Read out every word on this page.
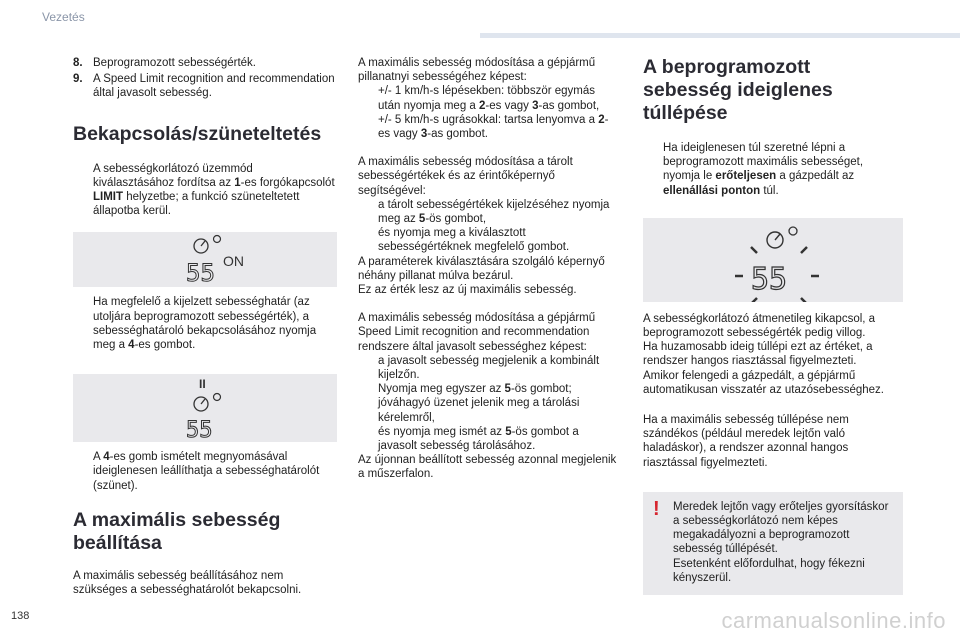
Vezetés
8. Beprogramozott sebességérték.
9. A Speed Limit recognition and recommendation által javasolt sebesség.
Bekapcsolás/szüneteltetés
A sebességkorlátozó üzemmód kiválasztásához fordítsa az 1-es forgókapcsolót LIMIT helyzetbe; a funkció szüneteltetett állapotba kerül.
55 ON
Ha megfelelő a kijelzett sebességhatár (az utoljára beprogramozott sebességérték), a sebességhatároló bekapcsolásához nyomja meg a 4-es gombot.
II
55
A 4-es gomb ismételt megnyomásával ideiglenesen leállíthatja a sebességhatárolót (szünet).
A maximális sebesség beállítása

A maximális sebesség beállításához nem szükséges a sebességhatárolót bekapcsolni.

A maximális sebesség módosítása a gépjármű pillanatnyi sebességéhez képest:

+/- 1 km/h-s lépésekben: többször egymás után nyomja meg a 2-es vagy 3-as gombot,
+/- 5 km/h-s ugrásokkal: tartsa lenyomva a 2-es vagy 3-as gombot.

A maximális sebesség módosítása a tárolt sebességértékek és az érintőképernyő segítségével:

a tárolt sebességértékek kijelzéséhez nyomja meg az 5-ös gombot,
és nyomja meg a kiválasztott sebességértéknek megfelelő gombot.

A paraméterek kiválasztására szolgáló képernyő néhány pillanat múlva bezárul.

Ez az érték lesz az új maximális sebesség.

A maximális sebesség módosítása a gépjármű Speed Limit recognition and recommendation rendszere által javasolt sebességhez képest:

a javasolt sebesség megjelenik a kombinált kijelzőn.
Nyomja meg egyszer az 5-ös gombot; jóváhagyó üzenet jelenik meg a tárolási kérelemről,
és nyomja meg ismét az 5-ös gombot a javasolt sebesség tárolásához.

Az újonnan beállított sebesség azonnal megjelenik a műszerfalon.

A beprogramozott sebesség ideiglenes túllépése
Ha ideiglenesen túl szeretné lépni a beprogramozott maximális sebességet, nyomja le erőteljesen a gázpedált az ellenállási ponton túl.
55

A sebességkorlátozó átmenetileg kikapcsol, a beprogramozott sebességérték pedig villog.

Ha huzamosabb ideig túllépi ezt az értéket, a rendszer hangos riasztással figyelmezteti.

Amikor felengedi a gázpedált, a gépjármű automatikusan visszatér az utazósebességhez.

Ha a maximális sebesség túllépése nem szándékos (például meredek lejtőn való haladáskor), a rendszer azonnal hangos riasztással figyelmezteti.

! Meredek lejtőn vagy erőteljes gyorsításkor a sebességkorlátozó nem képes megakadályozni a beprogramozott sebesség túllépését.

Esetenként előfordulhat, hogy fékezni kényszerül.

138	carmanualsonline.info
